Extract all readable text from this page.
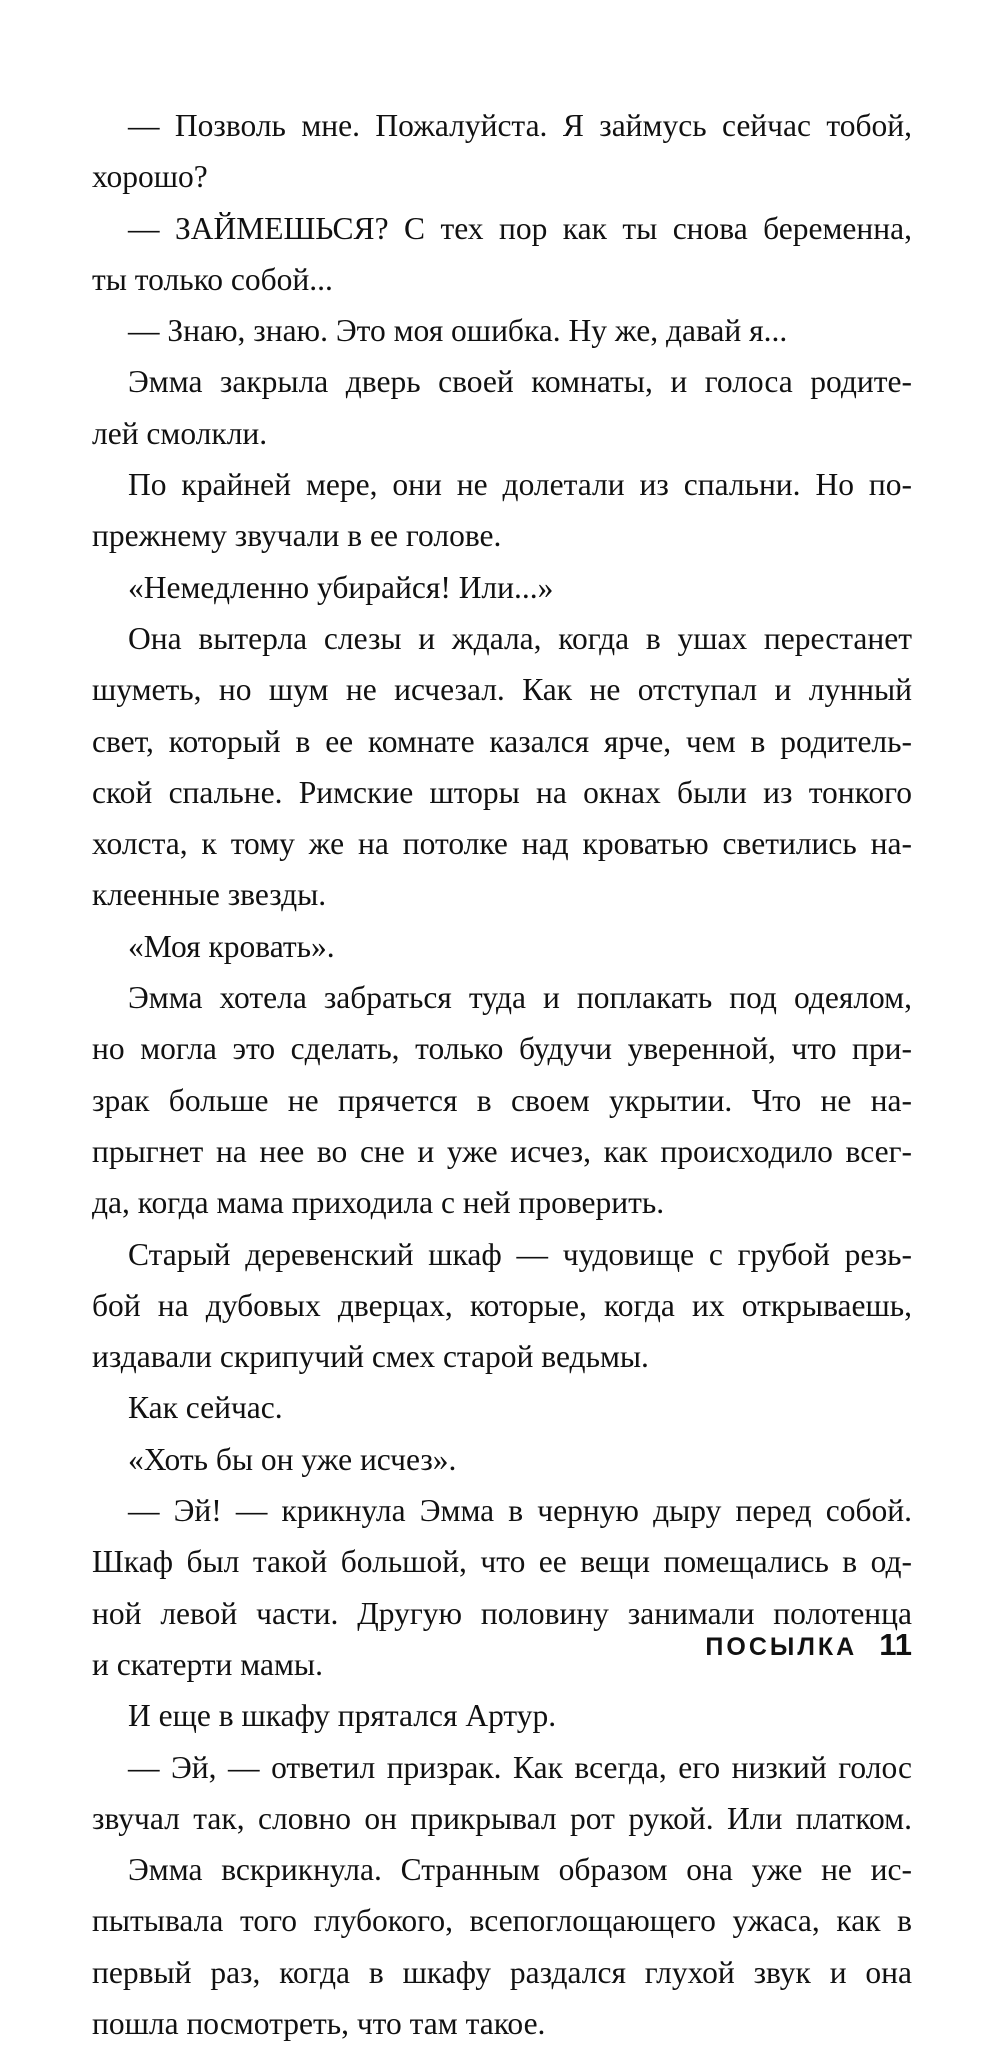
— Позволь мне. Пожалуйста. Я займусь сейчас тобой,
хорошо?
— ЗАЙМЕШЬСЯ? С тех пор как ты снова беременна,
ты только собой...
— Знаю, знаю. Это моя ошибка. Ну же, давай я...
Эмма закрыла дверь своей комнаты, и голоса родите-
лей смолкли.
По крайней мере, они не долетали из спальни. Но по-
прежнему звучали в ее голове.
«Немедленно убирайся! Или...»
Она вытерла слезы и ждала, когда в ушах перестанет
шуметь, но шум не исчезал. Как не отступал и лунный
свет, который в ее комнате казался ярче, чем в родитель-
ской спальне. Римские шторы на окнах были из тонкого
холста, к тому же на потолке над кроватью светились на-
клеенные звезды.
«Моя кровать».
Эмма хотела забраться туда и поплакать под одеялом,
но могла это сделать, только будучи уверенной, что при-
зрак больше не прячется в своем укрытии. Что не на-
прыгнет на нее во сне и уже исчез, как происходило всег-
да, когда мама приходила с ней проверить.
Старый деревенский шкаф — чудовище с грубой резь-
бой на дубовых дверцах, которые, когда их открываешь,
издавали скрипучий смех старой ведьмы.
Как сейчас.
«Хоть бы он уже исчез».
— Эй! — крикнула Эмма в черную дыру перед собой.
Шкаф был такой большой, что ее вещи помещались в од-
ной левой части. Другую половину занимали полотенца
и скатерти мамы.
И еще в шкафу прятался Артур.
— Эй, — ответил призрак. Как всегда, его низкий голос
звучал так, словно он прикрывал рот рукой. Или платком.
Эмма вскрикнула. Странным образом она уже не ис-
пытывала того глубокого, всепоглощающего ужаса, как в
первый раз, когда в шкафу раздался глухой звук и она
пошла посмотреть, что там такое.
ПОСЫЛКА 11
